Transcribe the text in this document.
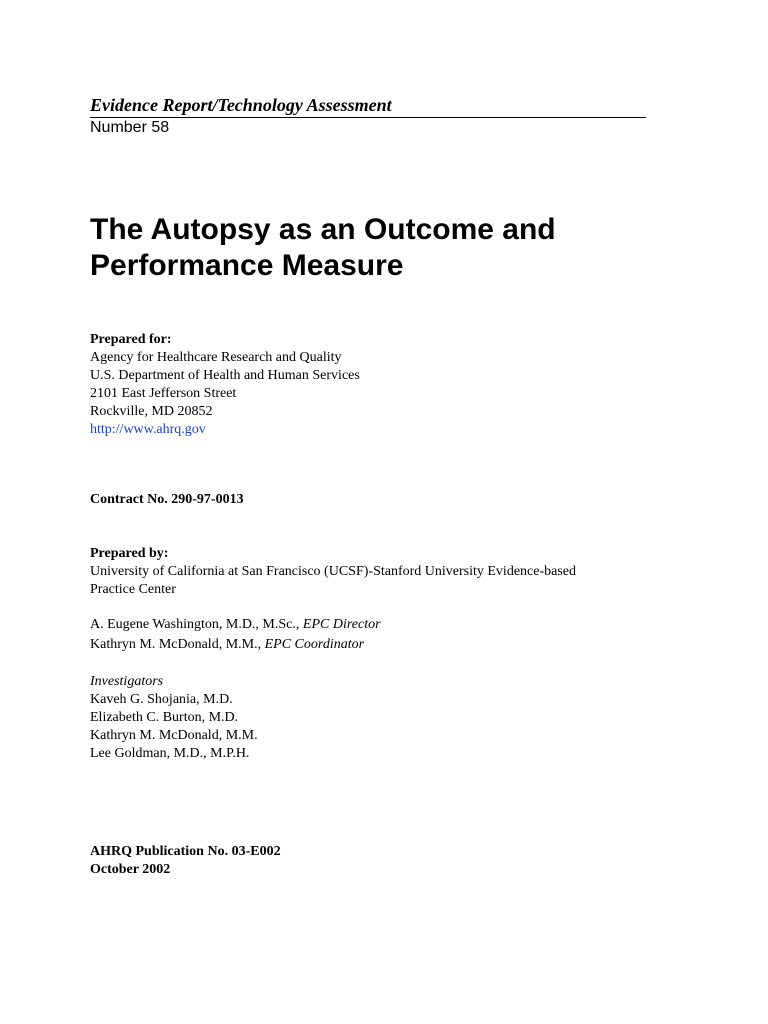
Evidence Report/Technology Assessment

Number 58

The Autopsy as an Outcome and
Performance Measure
Prepared for:
Agency for Healthcare Research and Quality
U.S. Department of Health and Human Services
2101 East Jefferson Street
Rockville, MD 20852
http://www.ahrq.gov
Contract No. 290-97-0013
Prepared by:
University of California at San Francisco (UCSF)-Stanford University Evidence-based
Practice Center
A. Eugene Washington, M.D., M.Sc., EPC Director
Kathryn M. McDonald, M.M., EPC Coordinator
Investigators
Kaveh G. Shojania, M.D.
Elizabeth C. Burton, M.D.
Kathryn M. McDonald, M.M.
Lee Goldman, M.D., M.P.H.
AHRQ Publication No. 03-E002
October 2002
